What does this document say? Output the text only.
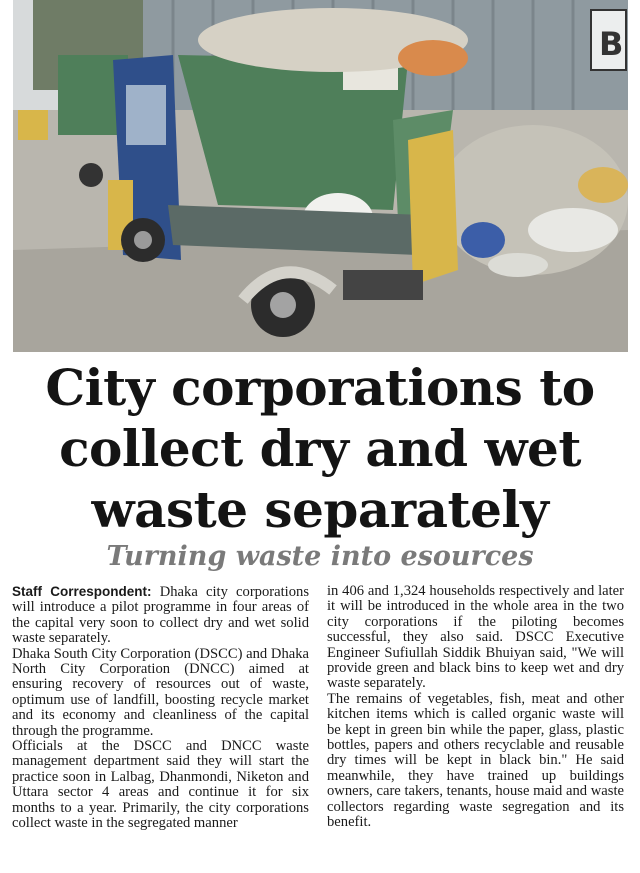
B
City corporations to
collect dry and wet
waste separately
Turning waste into esources

Staff Correspondent: Dhaka city corporations will introduce a pilot programme in four areas of the capital very soon to collect dry and wet solid waste separately.

Dhaka South City Corporation (DSCC) and Dhaka North City Corporation (DNCC) aimed at ensuring recovery of resources out of waste, optimum use of landfill, boosting recycle market and its economy and cleanliness of the capital through the programme.

Officials at the DSCC and DNCC waste management department said they will start the practice soon in Lalbag, Dhanmondi, Niketon and Uttara sector 4 areas and continue it for six months to a year. Primarily, the city corporations collect waste in the segregated manner

in 406 and 1,324 households respectively and later it will be introduced in the whole area in the two city corporations if the piloting becomes successful, they also said. DSCC Executive Engineer Sufiullah Siddik Bhuiyan said, "We will provide green and black bins to keep wet and dry waste separately.

The remains of vegetables, fish, meat and other kitchen items which is called organic waste will be kept in green bin while the paper, glass, plastic bottles, papers and others recyclable and reusable dry times will be kept in black bin." He said meanwhile, they have trained up buildings owners, care takers, tenants, house maid and waste collectors regarding waste segregation and its benefit.
